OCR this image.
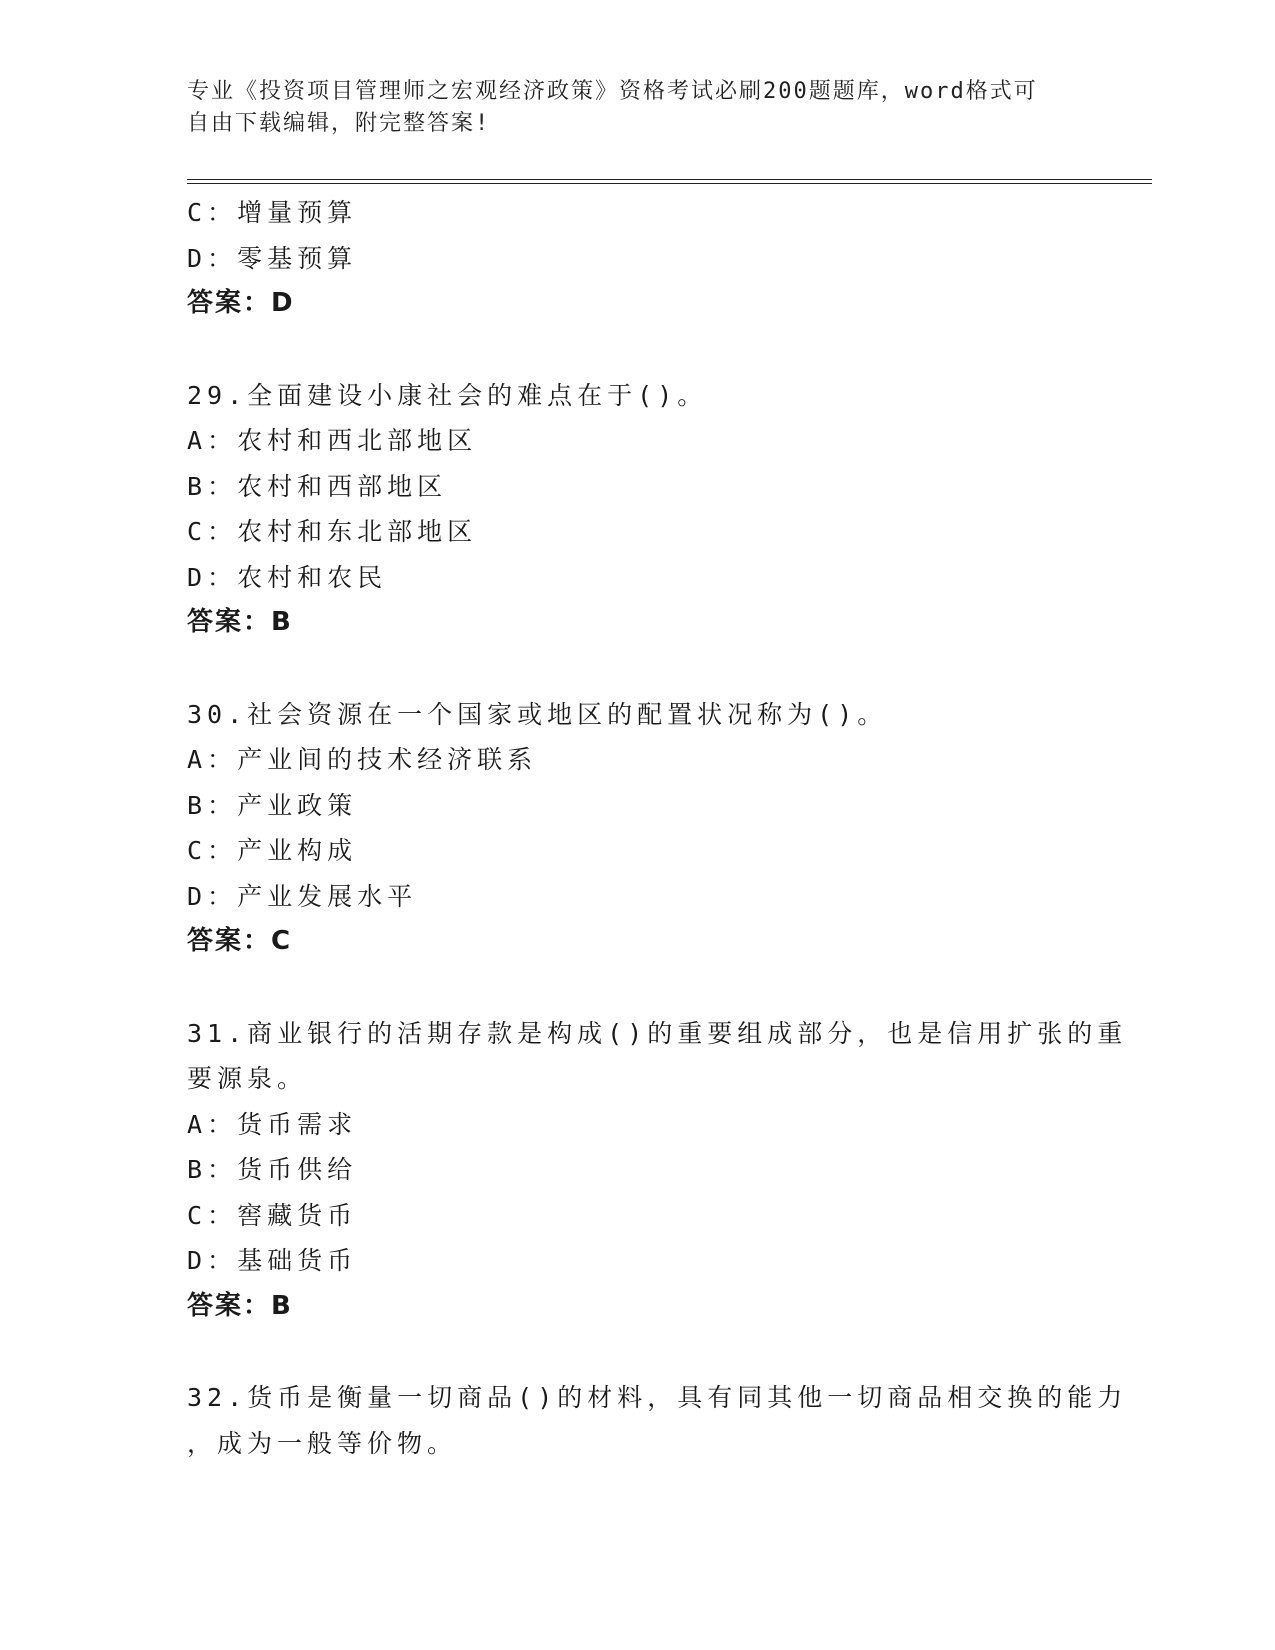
专业《投资项目管理师之宏观经济政策》资格考试必刷200题题库，word格式可
自由下载编辑，附完整答案!
C：增量预算
D：零基预算
答案：D
29.全面建设小康社会的难点在于()。
A：农村和西北部地区
B：农村和西部地区
C：农村和东北部地区
D：农村和农民
答案：B
30.社会资源在一个国家或地区的配置状况称为()。
A：产业间的技术经济联系
B：产业政策
C：产业构成
D：产业发展水平
答案：C
31.商业银行的活期存款是构成()的重要组成部分，也是信用扩张的重
要源泉。
A：货币需求
B：货币供给
C：窖藏货币
D：基础货币
答案：B
32.货币是衡量一切商品()的材料，具有同其他一切商品相交换的能力
，成为一般等价物。
